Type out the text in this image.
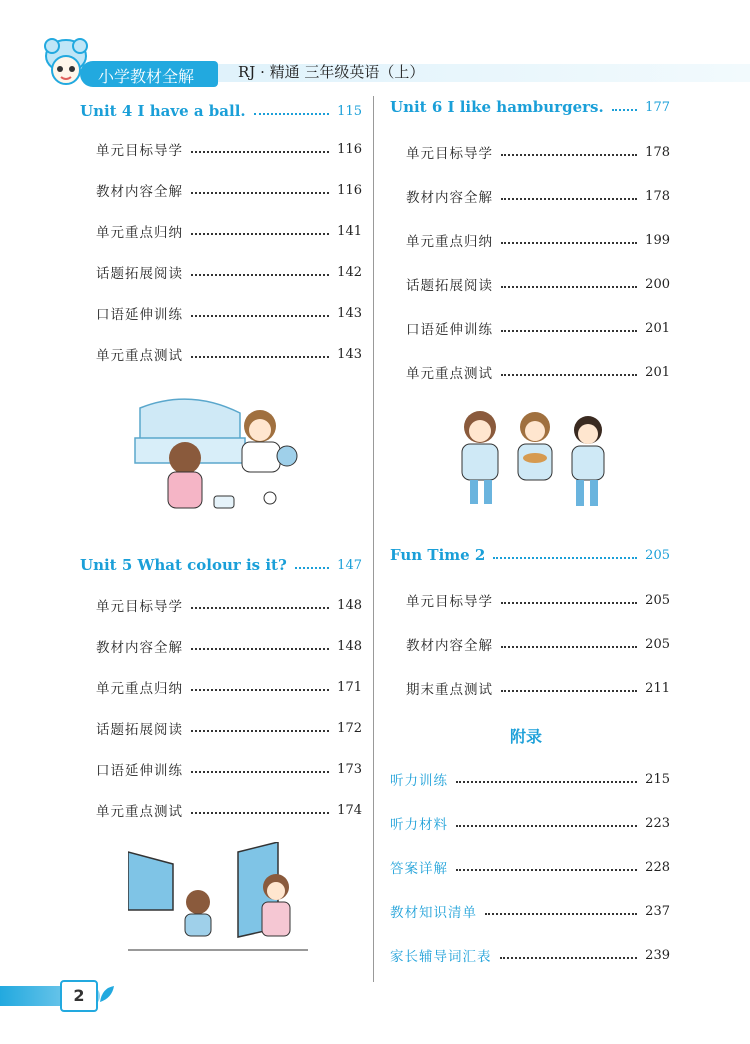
小学教材全解	RJ · 精通 三年级英语（上）
Unit 4 I have a ball.	115
单元目标导学	116
教材内容全解	116
单元重点归纳	141
话题拓展阅读	142
口语延伸训练	143
单元重点测试	143
Unit 5 What colour is it?	147
单元目标导学	148
教材内容全解	148
单元重点归纳	171
话题拓展阅读	172
口语延伸训练	173
单元重点测试	174
Unit 6 I like hamburgers.	177
单元目标导学	178
教材内容全解	178
单元重点归纳	199
话题拓展阅读	200
口语延伸训练	201
单元重点测试	201
Fun Time 2	205
单元目标导学	205
教材内容全解	205
期末重点测试	211
附录
听力训练	215
听力材料	223
答案详解	228
教材知识清单	237
家长辅导词汇表	239
2
